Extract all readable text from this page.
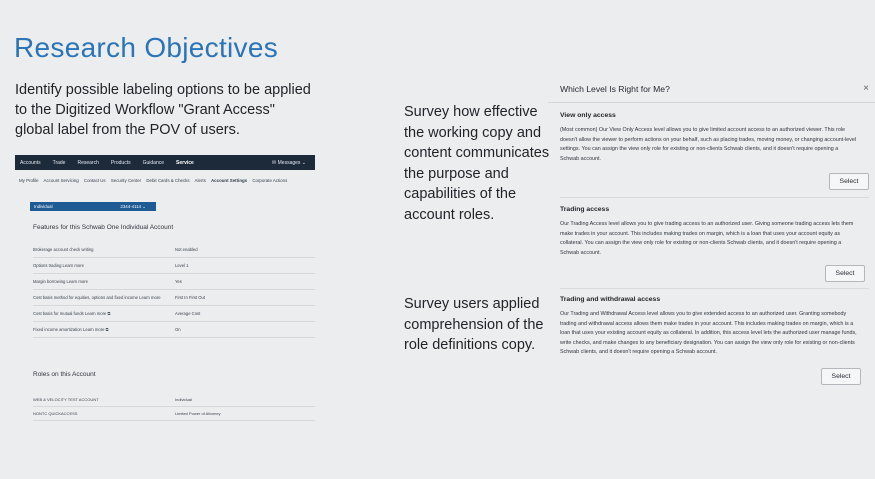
Research Objectives
Identify possible labeling options to be applied to the Digitized Workflow "Grant Access" global label from the POV of users.
Survey how effective the working copy and content communicates the purpose and capabilities of the account roles.
Survey users applied comprehension of the role definitions copy.
Accounts Trade Research Products Guidance Service	✉ Messages ⌄
My Profile Account Servicing Contact Us Security Center Debit Cards & Checks Alerts Account Settings Corporate Actions
Individual	2344-4114 ⌄
Features for this Schwab One Individual Account
Brokerage account check writing	Not enabled
Options trading Learn more	Level 1
Margin borrowing Learn more	Yes
Cost basis method for equities, options and fixed income Learn more	First In First Out
Cost basis for mutual funds Learn more ⧉	Average Cost
Fixed income amortization Learn more ⧉	On
Roles on this Account
WEB & VELOCITY TEST ACCOUNT	Individual
NONTC QUICKACCESS	Limited Power of Attorney
Which Level Is Right for Me?	×
View only access

(Most common) Our View Only Access level allows you to give limited account access to an authorized viewer. This role doesn't allow the viewer to perform actions on your behalf, such as placing trades, moving money, or changing account-level settings. You can assign the view only role for existing or non-clients Schwab clients, and it doesn't require opening a Schwab account.

Select
Trading access

Our Trading Access level allows you to give trading access to an authorized user. Giving someone trading access lets them make trades in your account. This includes making trades on margin, which is a loan that uses your account equity as collateral. You can assign the view only role for existing or non-clients Schwab clients, and it doesn't require opening a Schwab account.

Select
Trading and withdrawal access

Our Trading and Withdrawal Access level allows you to give extended access to an authorized user. Granting somebody trading and withdrawal access allows them make trades in your account. This includes making trades on margin, which is a loan that uses your existing account equity as collateral. In addition, this access level lets the authorized user manage funds, write checks, and make changes to any beneficiary designation. You can assign the view only role for existing or non-clients Schwab clients, and it doesn't require opening a Schwab account.

Select
